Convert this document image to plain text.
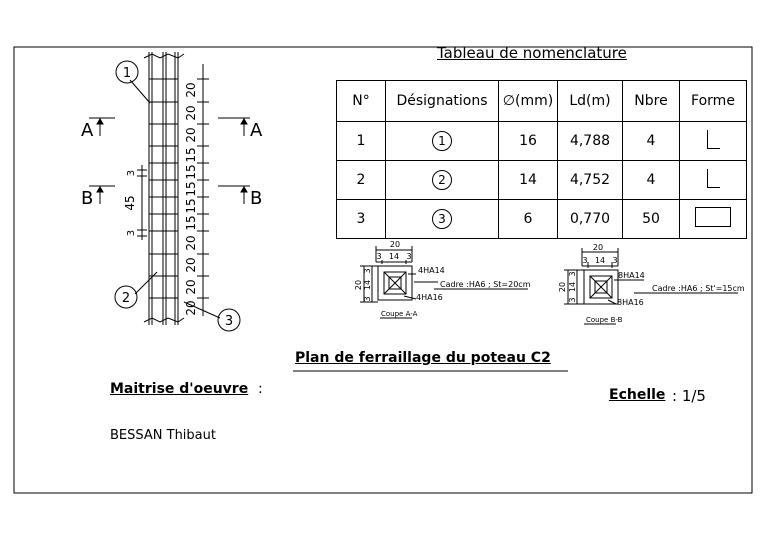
1
2
3
A	A
B	B
20
20
20
15
15
15
15
15
20
20
20
20
3
45
3
20
3 14 3
20
3
14
3
4HA14
Cadre :HA6 ; St=20cm
4HA16
Coupe A-A
20
3 14 3
20
3
14
3
8HA14
Cadre :HA6 ; St'=15cm
8HA16
Coupe B-B
Tableau de nomenclature
N°	Désignations	∅(mm)	Ld(m)	Nbre	Forme
1	1	16	4,788	4	
2	2	14	4,752	4	
3	3	6	0,770	50	
Plan de ferraillage du poteau C2
Maitrise d'oeuvre :
BESSAN Thibaut
Echelle : 1/5
